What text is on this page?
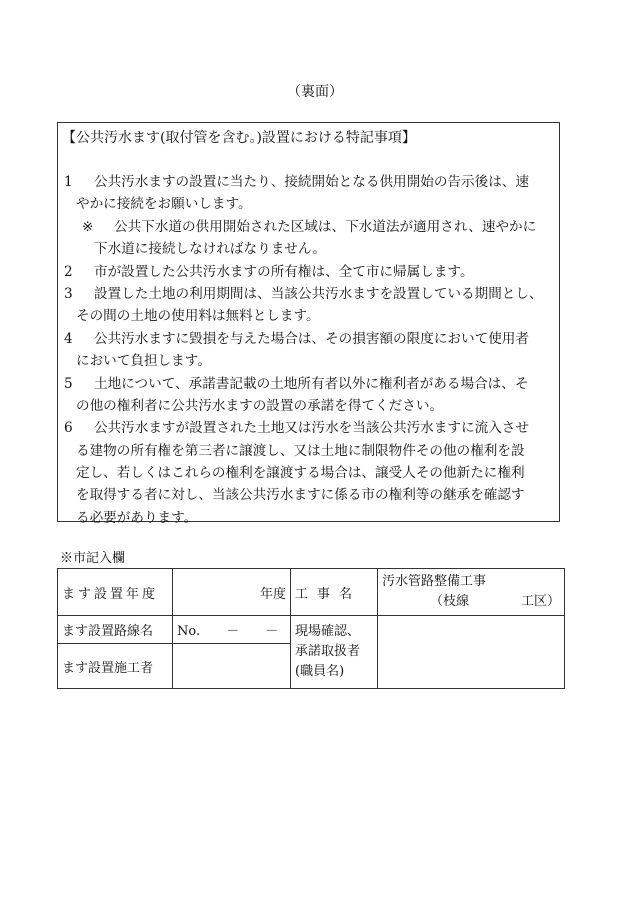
（裏面）
【公共汚水ます(取付管を含む。)設置における特記事項】
1 公共汚水ますの設置に当たり、接続開始となる供用開始の告示後は、速
やかに接続をお願いします。
※ 公共下水道の供用開始された区域は、下水道法が適用され、速やかに
下水道に接続しなければなりません。
2 市が設置した公共汚水ますの所有権は、全て市に帰属します。
3 設置した土地の利用期間は、当該公共汚水ますを設置している期間とし、
その間の土地の使用料は無料とします。
4 公共汚水ますに毀損を与えた場合は、その損害額の限度において使用者
において負担します。
5 土地について、承諾書記載の土地所有者以外に権利者がある場合は、そ
の他の権利者に公共汚水ますの設置の承諾を得てください。
6 公共汚水ますが設置された土地又は汚水を当該公共汚水ますに流入させ
る建物の所有権を第三者に譲渡し、又は土地に制限物件その他の権利を設
定し、若しくはこれらの権利を譲渡する場合は、譲受人その他新たに権利
を取得する者に対し、当該公共汚水ますに係る市の権利等の継承を確認す
る必要があります。
※市記入欄
ます設置年度	年度	工事名	汚水管路整備工事
（枝線　　　　工区）

ます設置路線名	No. － －	現場確認、
承諾取扱者
(職員名)	

ます設置施工者			
